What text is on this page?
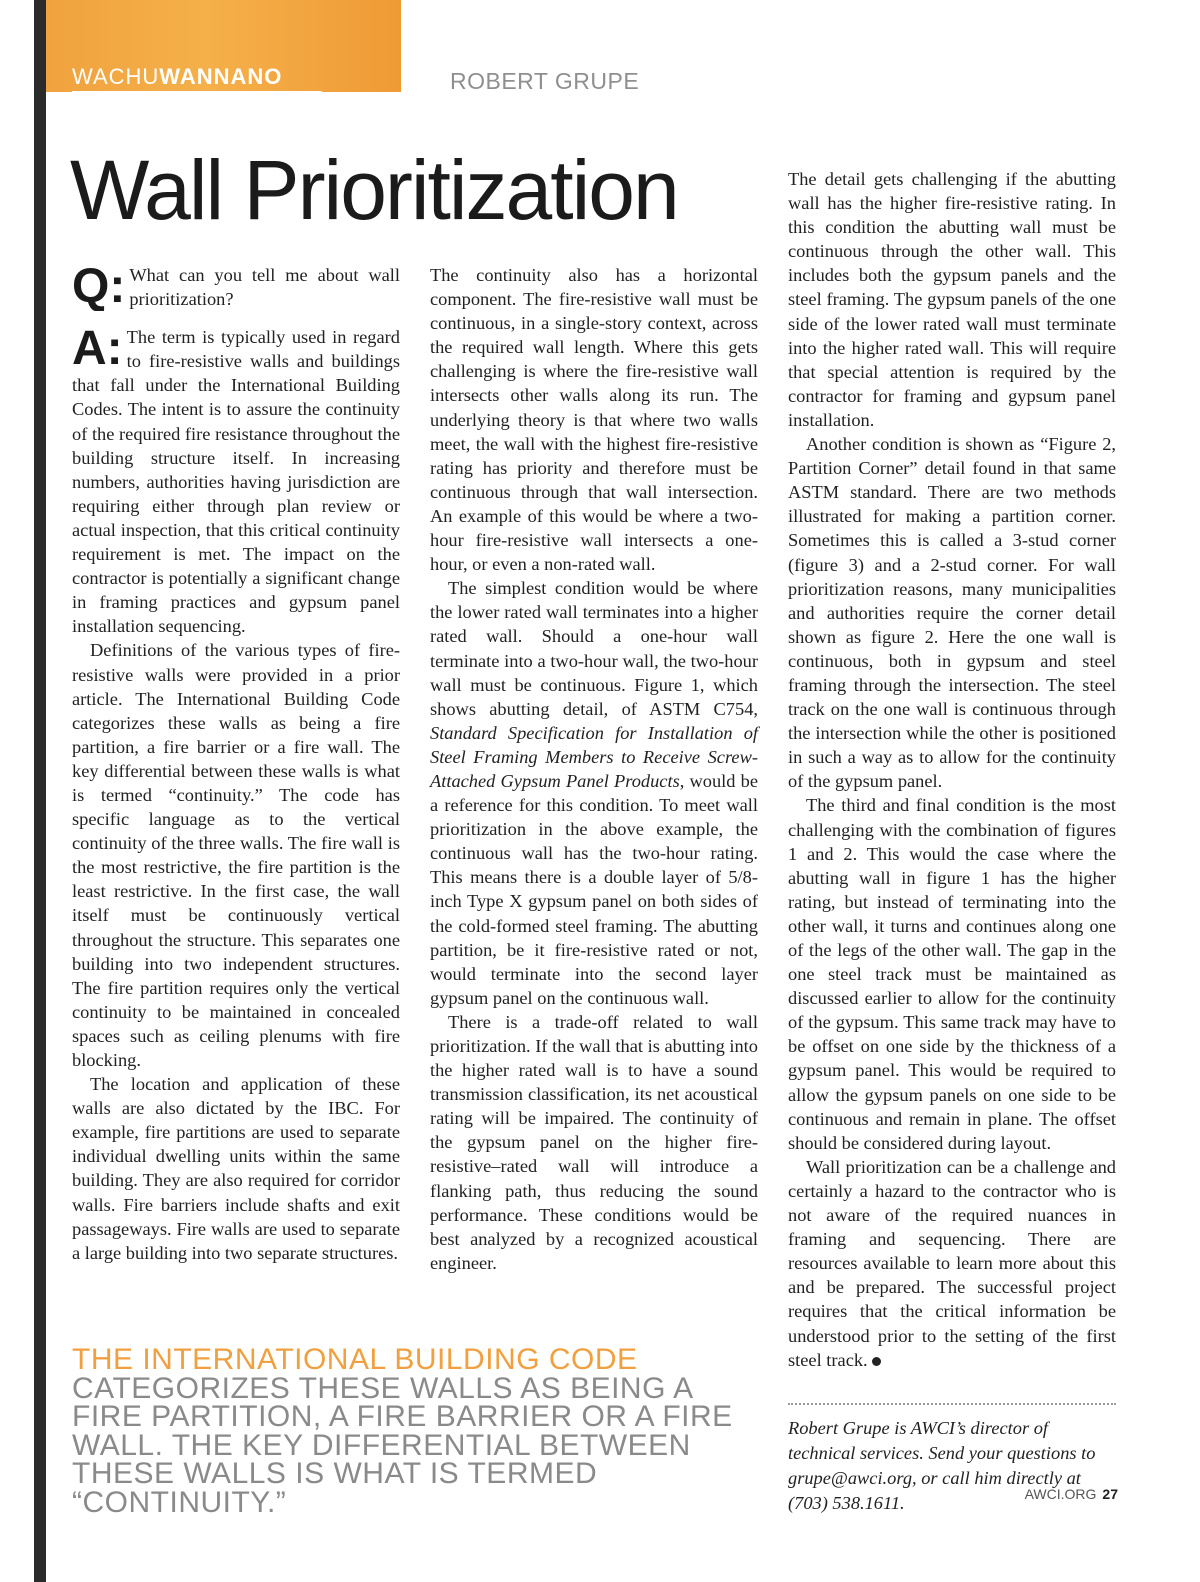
WACHUWANNANO	ROBERT GRUPE
Wall Prioritization
Q: What can you tell me about wall prioritization?

A: The term is typically used in regard to fire-resistive walls and buildings that fall under the International Building Codes. The intent is to assure the continuity of the required fire resistance throughout the building structure itself. In increasing numbers, authorities having jurisdiction are requiring either through plan review or actual inspection, that this critical continuity requirement is met. The impact on the contractor is potentially a significant change in framing practices and gypsum panel installation sequencing.

Definitions of the various types of fire-resistive walls were provided in a prior article. The International Building Code categorizes these walls as being a fire partition, a fire barrier or a fire wall. The key differential between these walls is what is termed “continuity.” The code has specific language as to the vertical continuity of the three walls. The fire wall is the most restrictive, the fire partition is the least restrictive. In the first case, the wall itself must be continuously vertical throughout the structure. This separates one building into two independent structures. The fire partition requires only the vertical continuity to be maintained in concealed spaces such as ceiling plenums with fire blocking.

The location and application of these walls are also dictated by the IBC. For example, fire partitions are used to separate individual dwelling units within the same building. They are also required for corridor walls. Fire barriers include shafts and exit passageways. Fire walls are used to separate a large building into two separate structures.

The continuity also has a horizontal component. The fire-resistive wall must be continuous, in a single-story context, across the required wall length. Where this gets challenging is where the fire-resistive wall intersects other walls along its run. The underlying theory is that where two walls meet, the wall with the highest fire-resistive rating has priority and therefore must be continuous through that wall intersection. An example of this would be where a two-hour fire-resistive wall intersects a one-hour, or even a non-rated wall.

The simplest condition would be where the lower rated wall terminates into a higher rated wall. Should a one-hour wall terminate into a two-hour wall, the two-hour wall must be continuous. Figure 1, which shows abutting detail, of ASTM C754, Standard Specification for Installation of Steel Framing Members to Receive Screw-Attached Gypsum Panel Products, would be a reference for this condition. To meet wall prioritization in the above example, the continuous wall has the two-hour rating. This means there is a double layer of 5/8-inch Type X gypsum panel on both sides of the cold-formed steel framing. The abutting partition, be it fire-resistive rated or not, would terminate into the second layer gypsum panel on the continuous wall.

There is a trade-off related to wall prioritization. If the wall that is abutting into the higher rated wall is to have a sound transmission classification, its net acoustical rating will be impaired. The continuity of the gypsum panel on the higher fire-resistive–rated wall will introduce a flanking path, thus reducing the sound performance. These conditions would be best analyzed by a recognized acoustical engineer.

The detail gets challenging if the abutting wall has the higher fire-resistive rating. In this condition the abutting wall must be continuous through the other wall. This includes both the gypsum panels and the steel framing. The gypsum panels of the one side of the lower rated wall must terminate into the higher rated wall. This will require that special attention is required by the contractor for framing and gypsum panel installation.

Another condition is shown as “Figure 2, Partition Corner” detail found in that same ASTM standard. There are two methods illustrated for making a partition corner. Sometimes this is called a 3-stud corner (figure 3) and a 2-stud corner. For wall prioritization reasons, many municipalities and authorities require the corner detail shown as figure 2. Here the one wall is continuous, both in gypsum and steel framing through the intersection. The steel track on the one wall is continuous through the intersection while the other is positioned in such a way as to allow for the continuity of the gypsum panel.

The third and final condition is the most challenging with the combination of figures 1 and 2. This would the case where the abutting wall in figure 1 has the higher rating, but instead of terminating into the other wall, it turns and continues along one of the legs of the other wall. The gap in the one steel track must be maintained as discussed earlier to allow for the continuity of the gypsum. This same track may have to be offset on one side by the thickness of a gypsum panel. This would be required to allow the gypsum panels on one side to be continuous and remain in plane. The offset should be considered during layout.

Wall prioritization can be a challenge and certainly a hazard to the contractor who is not aware of the required nuances in framing and sequencing. There are resources available to learn more about this and be prepared. The successful project requires that the critical information be understood prior to the setting of the first steel track.

THE INTERNATIONAL BUILDING CODE CATEGORIZES THESE WALLS AS BEING A FIRE PARTITION, A FIRE BARRIER OR A FIRE WALL. THE KEY DIFFERENTIAL BETWEEN THESE WALLS IS WHAT IS TERMED “CONTINUITY.”

Robert Grupe is AWCI’s director of technical services. Send your questions to grupe@awci.org, or call him directly at (703) 538.1611.	AWCI.ORG 27
